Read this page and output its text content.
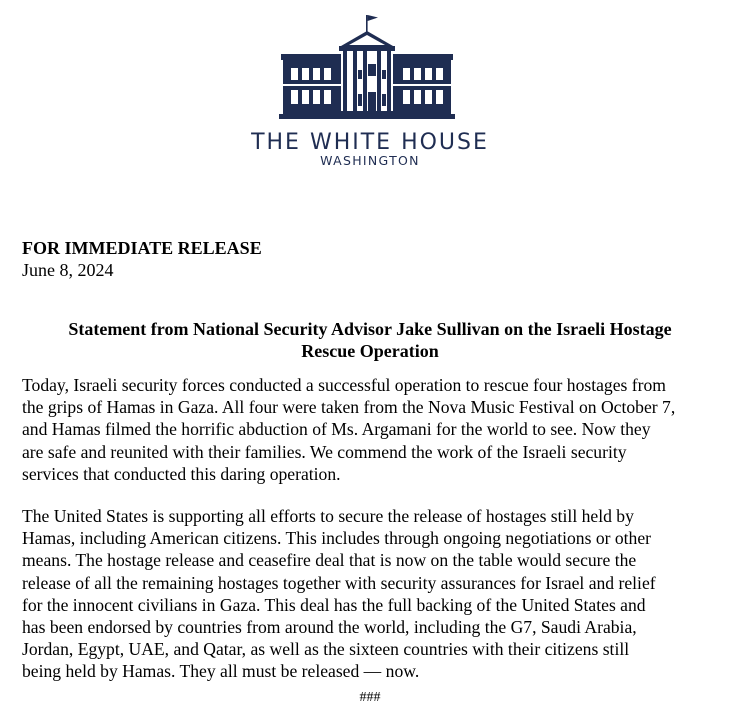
THE WHITE HOUSE
WASHINGTON
FOR IMMEDIATE RELEASE
June 8, 2024
Statement from National Security Advisor Jake Sullivan on the Israeli Hostage
Rescue Operation
Today, Israeli security forces conducted a successful operation to rescue four hostages from
the grips of Hamas in Gaza. All four were taken from the Nova Music Festival on October 7,
and Hamas filmed the horrific abduction of Ms. Argamani for the world to see. Now they
are safe and reunited with their families. We commend the work of the Israeli security
services that conducted this daring operation.
The United States is supporting all efforts to secure the release of hostages still held by
Hamas, including American citizens. This includes through ongoing negotiations or other
means. The hostage release and ceasefire deal that is now on the table would secure the
release of all the remaining hostages together with security assurances for Israel and relief
for the innocent civilians in Gaza. This deal has the full backing of the United States and
has been endorsed by countries from around the world, including the G7, Saudi Arabia,
Jordan, Egypt, UAE, and Qatar, as well as the sixteen countries with their citizens still
being held by Hamas. They all must be released — now.
###
